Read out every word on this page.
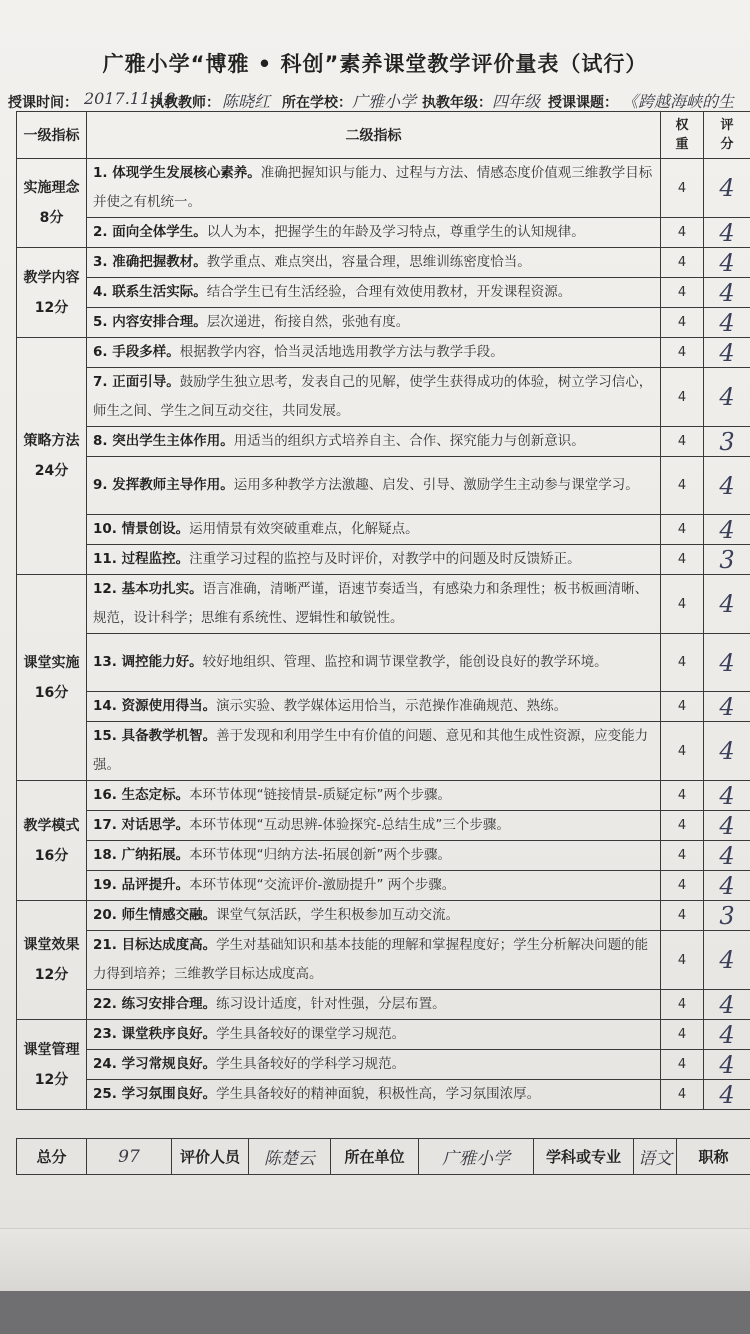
广雅小学“博雅 • 科创”素养课堂教学评价量表（试行）
授课时间： 2017.11.18
执教教师： 陈晓红 所在学校： 广雅小学 执教年级： 四年级 授课课题： 《跨越海峡的生
一级指标	二级指标	权重	评分

实施理念
8分	1. 体现学生发展核心素养。准确把握知识与能力、过程与方法、情感态度价值观三维教学目标并使之有机统一。	4	4
	2. 面向全体学生。以人为本，把握学生的年龄及学习特点，尊重学生的认知规律。	4	4

教学内容
12分	3. 准确把握教材。教学重点、难点突出，容量合理，思维训练密度恰当。	4	4
	4. 联系生活实际。结合学生已有生活经验，合理有效使用教材，开发课程资源。	4	4
	5. 内容安排合理。层次递进，衔接自然，张弛有度。	4	4

策略方法
24分	6. 手段多样。根据教学内容，恰当灵活地选用教学方法与教学手段。	4	4
	7. 正面引导。鼓励学生独立思考，发表自己的见解，使学生获得成功的体验，树立学习信心，师生之间、学生之间互动交往，共同发展。	4	4
	8. 突出学生主体作用。用适当的组织方式培养自主、合作、探究能力与创新意识。	4	3
	9. 发挥教师主导作用。运用多种教学方法激趣、启发、引导、激励学生主动参与课堂学习。	4	4
	10. 情景创设。运用情景有效突破重难点，化解疑点。	4	4
	11. 过程监控。注重学习过程的监控与及时评价，对教学中的问题及时反馈矫正。	4	3

课堂实施
16分	12. 基本功扎实。语言准确，清晰严谨，语速节奏适当，有感染力和条理性；板书板画清晰、规范，设计科学；思维有系统性、逻辑性和敏锐性。	4	4
	13. 调控能力好。较好地组织、管理、监控和调节课堂教学，能创设良好的教学环境。	4	4
	14. 资源使用得当。演示实验、教学媒体运用恰当，示范操作准确规范、熟练。	4	4
	15. 具备教学机智。善于发现和利用学生中有价值的问题、意见和其他生成性资源，应变能力强。	4	4

教学模式
16分	16. 生态定标。本环节体现“链接情景-质疑定标”两个步骤。	4	4
	17. 对话思学。本环节体现“互动思辨-体验探究-总结生成”三个步骤。	4	4
	18. 广纳拓展。本环节体现“归纳方法-拓展创新”两个步骤。	4	4
	19. 品评提升。本环节体现“交流评价-激励提升” 两个步骤。	4	4

课堂效果
12分	20. 师生情感交融。课堂气氛活跃，学生积极参加互动交流。	4	3
	21. 目标达成度高。学生对基础知识和基本技能的理解和掌握程度好；学生分析解决问题的能力得到培养；三维教学目标达成度高。	4	4
	22. 练习安排合理。练习设计适度，针对性强，分层布置。	4	4

课堂管理
12分	23. 课堂秩序良好。学生具备较好的课堂学习规范。	4	4
	24. 学习常规良好。学生具备较好的学科学习规范。	4	4
	25. 学习氛围良好。学生具备较好的精神面貌，积极性高，学习氛围浓厚。	4	4
总分	97	评价人员	陈楚云	所在单位	广雅小学	学科或专业	语文	职称
